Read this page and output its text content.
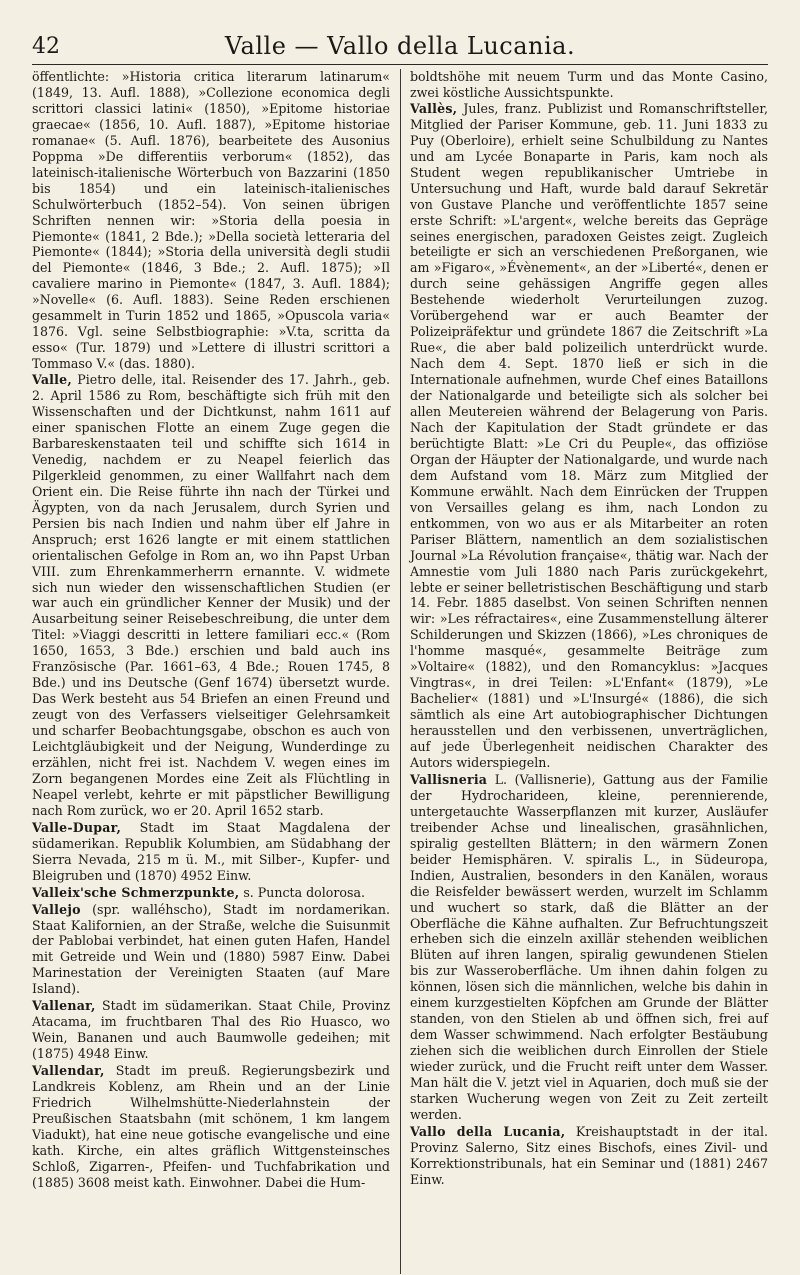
42	Valle — Vallo della Lucania.

öffentlichte: »Historia critica literarum latinarum« (1849, 13. Aufl. 1888), »Collezione economica degli scrittori classici latini« (1850), »Epitome historiae graecae« (1856, 10. Aufl. 1887), »Epitome historiae romanae« (5. Aufl. 1876), bearbeitete des Ausonius Poppma »De differentiis verborum« (1852), das lateinisch-italienische Wörterbuch von Bazzarini (1850 bis 1854) und ein lateinisch-italienisches Schulwörterbuch (1852–54). Von seinen übrigen Schriften nennen wir: »Storia della poesia in Piemonte« (1841, 2 Bde.); »Della società letteraria del Piemonte« (1844); »Storia della università degli studii del Piemonte« (1846, 3 Bde.; 2. Aufl. 1875); »Il cavaliere marino in Piemonte« (1847, 3. Aufl. 1884); »Novelle« (6. Aufl. 1883). Seine Reden erschienen gesammelt in Turin 1852 und 1865, »Opuscola varia« 1876. Vgl. seine Selbstbiographie: »V.ta, scritta da esso« (Tur. 1879) und »Lettere di illustri scrittori a Tommaso V.« (das. 1880).

Valle, Pietro delle, ital. Reisender des 17. Jahrh., geb. 2. April 1586 zu Rom, beschäftigte sich früh mit den Wissenschaften und der Dichtkunst, nahm 1611 auf einer spanischen Flotte an einem Zuge gegen die Barbareskenstaaten teil und schiffte sich 1614 in Venedig, nachdem er zu Neapel feierlich das Pilgerkleid genommen, zu einer Wallfahrt nach dem Orient ein. Die Reise führte ihn nach der Türkei und Ägypten, von da nach Jerusalem, durch Syrien und Persien bis nach Indien und nahm über elf Jahre in Anspruch; erst 1626 langte er mit einem stattlichen orientalischen Gefolge in Rom an, wo ihn Papst Urban VIII. zum Ehrenkammerherrn ernannte. V. widmete sich nun wieder den wissenschaftlichen Studien (er war auch ein gründlicher Kenner der Musik) und der Ausarbeitung seiner Reisebeschreibung, die unter dem Titel: »Viaggi descritti in lettere familiari ecc.« (Rom 1650, 1653, 3 Bde.) erschien und bald auch ins Französische (Par. 1661–63, 4 Bde.; Rouen 1745, 8 Bde.) und ins Deutsche (Genf 1674) übersetzt wurde. Das Werk besteht aus 54 Briefen an einen Freund und zeugt von des Verfassers vielseitiger Gelehrsamkeit und scharfer Beobachtungsgabe, obschon es auch von Leichtgläubigkeit und der Neigung, Wunderdinge zu erzählen, nicht frei ist. Nachdem V. wegen eines im Zorn begangenen Mordes eine Zeit als Flüchtling in Neapel verlebt, kehrte er mit päpstlicher Bewilligung nach Rom zurück, wo er 20. April 1652 starb.

Valle-Dupar, Stadt im Staat Magdalena der südamerikan. Republik Kolumbien, am Südabhang der Sierra Nevada, 215 m ü. M., mit Silber-, Kupfer- und Bleigruben und (1870) 4952 Einw.

Valleix'sche Schmerzpunkte, s. Puncta dolorosa.

Vallejo (spr. walléhscho), Stadt im nordamerikan. Staat Kalifornien, an der Straße, welche die Suisunmit der Pablobai verbindet, hat einen guten Hafen, Handel mit Getreide und Wein und (1880) 5987 Einw. Dabei Marinestation der Vereinigten Staaten (auf Mare Island).

Vallenar, Stadt im südamerikan. Staat Chile, Provinz Atacama, im fruchtbaren Thal des Rio Huasco, wo Wein, Bananen und auch Baumwolle gedeihen; mit (1875) 4948 Einw.

Vallendar, Stadt im preuß. Regierungsbezirk und Landkreis Koblenz, am Rhein und an der Linie Friedrich Wilhelmshütte-Niederlahnstein der Preußischen Staatsbahn (mit schönem, 1 km langem Viadukt), hat eine neue gotische evangelische und eine kath. Kirche, ein altes gräflich Wittgensteinsches Schloß, Zigarren-, Pfeifen- und Tuchfabrikation und (1885) 3608 meist kath. Einwohner. Dabei die Hum-

boldtshöhe mit neuem Turm und das Monte Casino, zwei köstliche Aussichtspunkte.

Vallès, Jules, franz. Publizist und Romanschriftsteller, Mitglied der Pariser Kommune, geb. 11. Juni 1833 zu Puy (Oberloire), erhielt seine Schulbildung zu Nantes und am Lycée Bonaparte in Paris, kam noch als Student wegen republikanischer Umtriebe in Untersuchung und Haft, wurde bald darauf Sekretär von Gustave Planche und veröffentlichte 1857 seine erste Schrift: »L'argent«, welche bereits das Gepräge seines energischen, paradoxen Geistes zeigt. Zugleich beteiligte er sich an verschiedenen Preßorganen, wie am »Figaro«, »Évènement«, an der »Liberté«, denen er durch seine gehässigen Angriffe gegen alles Bestehende wiederholt Verurteilungen zuzog. Vorübergehend war er auch Beamter der Polizeipräfektur und gründete 1867 die Zeitschrift »La Rue«, die aber bald polizeilich unterdrückt wurde. Nach dem 4. Sept. 1870 ließ er sich in die Internationale aufnehmen, wurde Chef eines Bataillons der Nationalgarde und beteiligte sich als solcher bei allen Meutereien während der Belagerung von Paris. Nach der Kapitulation der Stadt gründete er das berüchtigte Blatt: »Le Cri du Peuple«, das offiziöse Organ der Häupter der Nationalgarde, und wurde nach dem Aufstand vom 18. März zum Mitglied der Kommune erwählt. Nach dem Einrücken der Truppen von Versailles gelang es ihm, nach London zu entkommen, von wo aus er als Mitarbeiter an roten Pariser Blättern, namentlich an dem sozialistischen Journal »La Révolution française«, thätig war. Nach der Amnestie vom Juli 1880 nach Paris zurückgekehrt, lebte er seiner belletristischen Beschäftigung und starb 14. Febr. 1885 daselbst. Von seinen Schriften nennen wir: »Les réfractaires«, eine Zusammenstellung älterer Schilderungen und Skizzen (1866), »Les chroniques de l'homme masqué«, gesammelte Beiträge zum »Voltaire« (1882), und den Romancyklus: »Jacques Vingtras«, in drei Teilen: »L'Enfant« (1879), »Le Bachelier« (1881) und »L'Insurgé« (1886), die sich sämtlich als eine Art autobiographischer Dichtungen herausstellen und den verbissenen, unverträglichen, auf jede Überlegenheit neidischen Charakter des Autors widerspiegeln.

Vallisneria L. (Vallisnerie), Gattung aus der Familie der Hydrocharideen, kleine, perennierende, untergetauchte Wasserpflanzen mit kurzer, Ausläufer treibender Achse und linealischen, grasähnlichen, spiralig gestellten Blättern; in den wärmern Zonen beider Hemisphären. V. spiralis L., in Südeuropa, Indien, Australien, besonders in den Kanälen, woraus die Reisfelder bewässert werden, wurzelt im Schlamm und wuchert so stark, daß die Blätter an der Oberfläche die Kähne aufhalten. Zur Befruchtungszeit erheben sich die einzeln axillär stehenden weiblichen Blüten auf ihren langen, spiralig gewundenen Stielen bis zur Wasseroberfläche. Um ihnen dahin folgen zu können, lösen sich die männlichen, welche bis dahin in einem kurzgestielten Köpfchen am Grunde der Blätter standen, von den Stielen ab und öffnen sich, frei auf dem Wasser schwimmend. Nach erfolgter Bestäubung ziehen sich die weiblichen durch Einrollen der Stiele wieder zurück, und die Frucht reift unter dem Wasser. Man hält die V. jetzt viel in Aquarien, doch muß sie der starken Wucherung wegen von Zeit zu Zeit zerteilt werden.

Vallo della Lucania, Kreishauptstadt in der ital. Provinz Salerno, Sitz eines Bischofs, eines Zivil- und Korrektionstribunals, hat ein Seminar und (1881) 2467 Einw.
